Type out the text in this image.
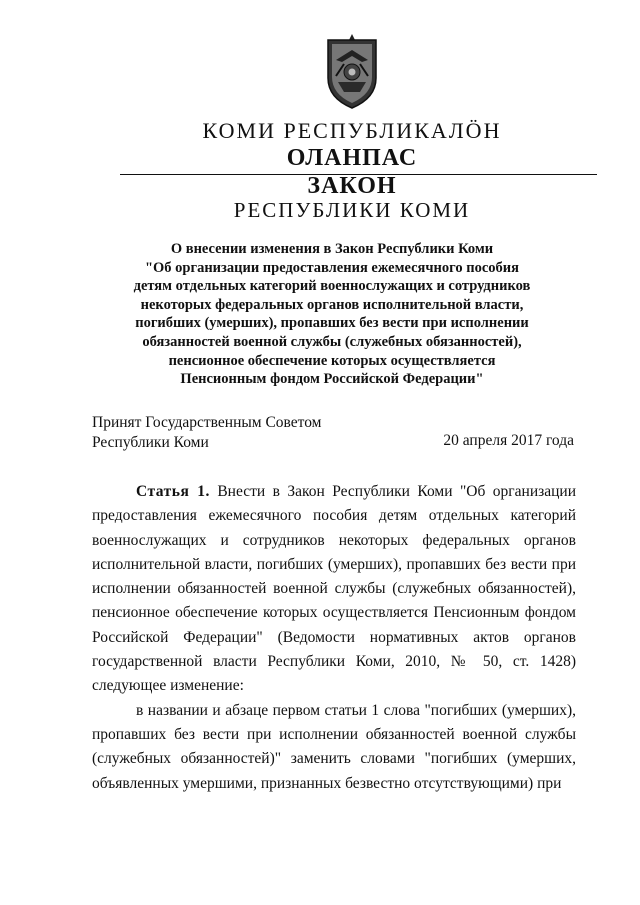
КОМИ РЕСПУБЛИКАЛӦН
ОЛАНПАС
ЗАКОН
РЕСПУБЛИКИ КОМИ
О внесении изменения в Закон Республики Коми
"Об организации предоставления ежемесячного пособия
детям отдельных категорий военнослужащих и сотрудников
некоторых федеральных органов исполнительной власти,
погибших (умерших), пропавших без вести при исполнении
обязанностей военной службы (служебных обязанностей),
пенсионное обеспечение которых осуществляется
Пенсионным фондом Российской Федерации"
Принят Государственным Советом
Республики Коми	20 апреля 2017 года

Статья 1. Внести в Закон Республики Коми "Об организации предоставления ежемесячного пособия детям отдельных категорий военнослужащих и сотрудников некоторых федеральных органов исполнительной власти, погибших (умерших), пропавших без вести при исполнении обязанностей военной службы (служебных обязанностей), пенсионное обеспечение которых осуществляется Пенсионным фондом Российской Федерации" (Ведомости нормативных актов органов государственной власти Республики Коми, 2010, № 50, ст. 1428) следующее изменение:

в названии и абзаце первом статьи 1 слова "погибших (умерших), пропавших без вести при исполнении обязанностей военной службы (служебных обязанностей)" заменить словами "погибших (умерших, объявленных умершими, признанных безвестно отсутствующими) при
